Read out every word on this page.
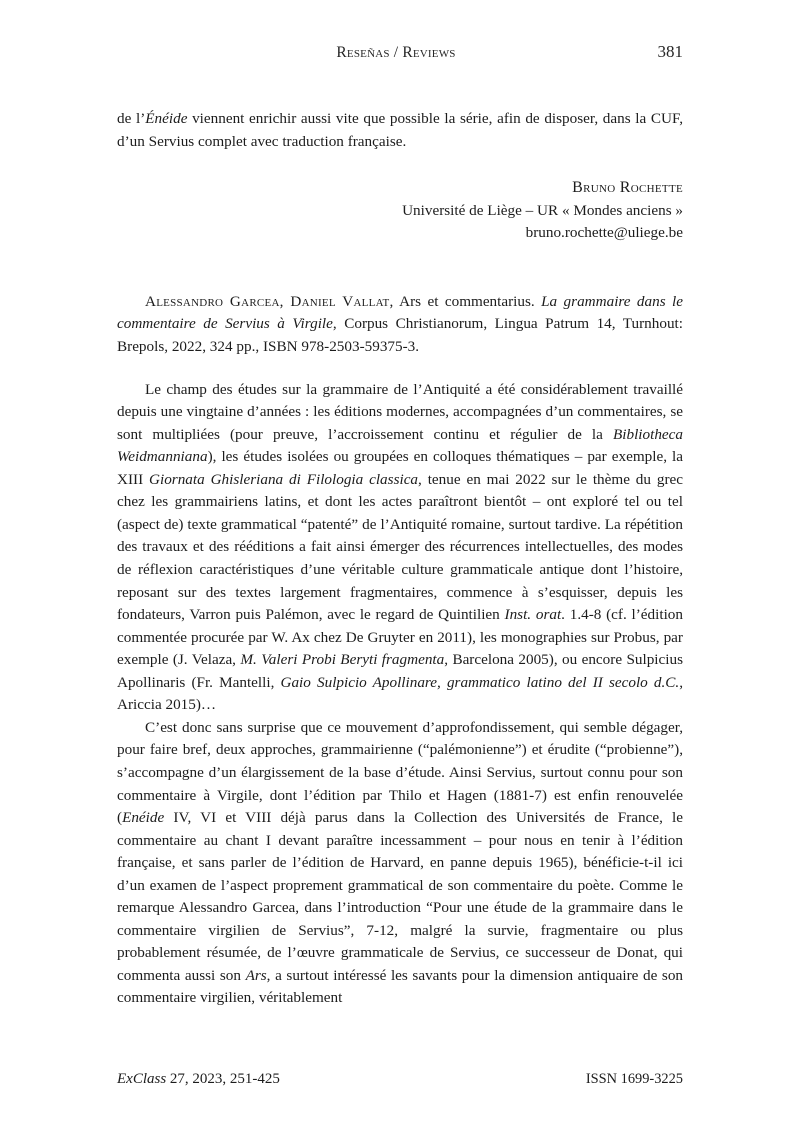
Reseñas / Reviews	381

de l’Énéide viennent enrichir aussi vite que possible la série, afin de disposer, dans la CUF, d’un Servius complet avec traduction française.

Bruno Rochette
Université de Liège – UR « Mondes anciens »
bruno.rochette@uliege.be

Alessandro Garcea, Daniel Vallat, Ars et commentarius. La grammaire dans le commentaire de Servius à Virgile, Corpus Christianorum, Lingua Patrum 14, Turnhout: Brepols, 2022, 324 pp., ISBN 978-2503-59375-3.

Le champ des études sur la grammaire de l’Antiquité a été considérablement travaillé depuis une vingtaine d’années : les éditions modernes, accompagnées d’un commentaires, se sont multipliées (pour preuve, l’accroissement continu et régulier de la Bibliotheca Weidmanniana), les études isolées ou groupées en colloques thématiques – par exemple, la XIII Giornata Ghisleriana di Filologia classica, tenue en mai 2022 sur le thème du grec chez les grammairiens latins, et dont les actes paraîtront bientôt – ont exploré tel ou tel (aspect de) texte grammatical “patenté” de l’Antiquité romaine, surtout tardive. La répétition des travaux et des rééditions a fait ainsi émerger des récurrences intellectuelles, des modes de réflexion caractéristiques d’une véritable culture grammaticale antique dont l’histoire, reposant sur des textes largement fragmentaires, commence à s’esquisser, depuis les fondateurs, Varron puis Palémon, avec le regard de Quintilien Inst. orat. 1.4-8 (cf. l’édition commentée procurée par W. Ax chez De Gruyter en 2011), les monographies sur Probus, par exemple (J. Velaza, M. Valeri Probi Beryti fragmenta, Barcelona 2005), ou encore Sulpicius Apollinaris (Fr. Mantelli, Gaio Sulpicio Apollinare, grammatico latino del II secolo d.C., Ariccia 2015)…

C’est donc sans surprise que ce mouvement d’approfondissement, qui semble dégager, pour faire bref, deux approches, grammairienne (“palémonienne”) et érudite (“probienne”), s’accompagne d’un élargissement de la base d’étude. Ainsi Servius, surtout connu pour son commentaire à Virgile, dont l’édition par Thilo et Hagen (1881-7) est enfin renouvelée (Enéide IV, VI et VIII déjà parus dans la Collection des Universités de France, le commentaire au chant I devant paraître incessamment – pour nous en tenir à l’édition française, et sans parler de l’édition de Harvard, en panne depuis 1965), bénéficie-t-il ici d’un examen de l’aspect proprement grammatical de son commentaire du poète. Comme le remarque Alessandro Garcea, dans l’introduction “Pour une étude de la grammaire dans le commentaire virgilien de Servius”, 7-12, malgré la survie, fragmentaire ou plus probablement résumée, de l’œuvre grammaticale de Servius, ce successeur de Donat, qui commenta aussi son Ars, a surtout intéressé les savants pour la dimension antiquaire de son commentaire virgilien, véritablement

ExClass 27, 2023, 251-425	ISSN 1699-3225
